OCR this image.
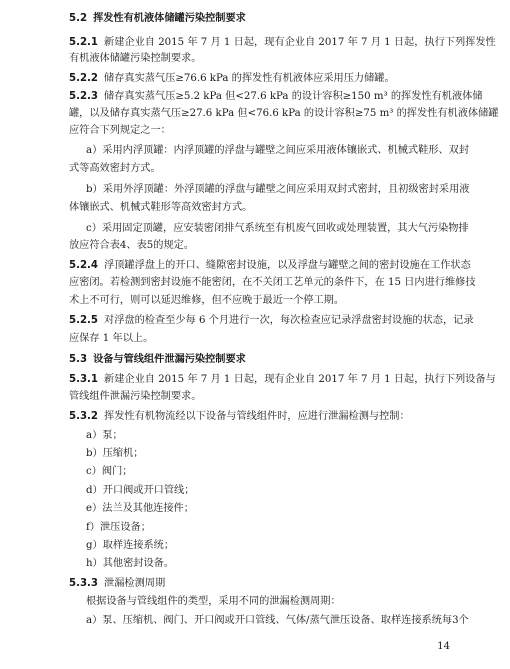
14
5.2 挥发性有机液体储罐污染控制要求
5.2.1 新建企业自 2015 年 7 月 1 日起，现有企业自 2017 年 7 月 1 日起，执行下列挥发性
有机液体储罐污染控制要求。
5.2.2 储存真实蒸气压≥76.6 kPa 的挥发性有机液体应采用压力储罐。
5.2.3 储存真实蒸气压≥5.2 kPa 但<27.6 kPa 的设计容积≥150 m³ 的挥发性有机液体储
罐，以及储存真实蒸气压≥27.6 kPa 但<76.6 kPa 的设计容积≥75 m³ 的挥发性有机液体储罐
应符合下列规定之一：
a）采用内浮顶罐：内浮顶罐的浮盘与罐壁之间应采用液体镶嵌式、机械式鞋形、双封
式等高效密封方式。
b）采用外浮顶罐：外浮顶罐的浮盘与罐壁之间应采用双封式密封，且初级密封采用液
体镶嵌式、机械式鞋形等高效密封方式。
c）采用固定顶罐，应安装密闭排气系统至有机废气回收或处理装置，其大气污染物排
放应符合表4、表5的规定。
5.2.4 浮顶罐浮盘上的开口、缝隙密封设施，以及浮盘与罐壁之间的密封设施在工作状态
应密闭。若检测到密封设施不能密闭，在不关闭工艺单元的条件下，在 15 日内进行维修技
术上不可行，则可以延迟维修，但不应晚于最近一个停工期。
5.2.5 对浮盘的检查至少每 6 个月进行一次，每次检查应记录浮盘密封设施的状态，记录
应保存 1 年以上。
5.3 设备与管线组件泄漏污染控制要求
5.3.1 新建企业自 2015 年 7 月 1 日起，现有企业自 2017 年 7 月 1 日起，执行下列设备与
管线组件泄漏污染控制要求。
5.3.2 挥发性有机物流经以下设备与管线组件时，应进行泄漏检测与控制：
a）泵；
b）压缩机；
c）阀门；
d）开口阀或开口管线；
e）法兰及其他连接件；
f）泄压设备；
g）取样连接系统；
h）其他密封设备。
5.3.3 泄漏检测周期
根据设备与管线组件的类型，采用不同的泄漏检测周期：
a）泵、压缩机、阀门、开口阀或开口管线、气体/蒸气泄压设备、取样连接系统每3个
